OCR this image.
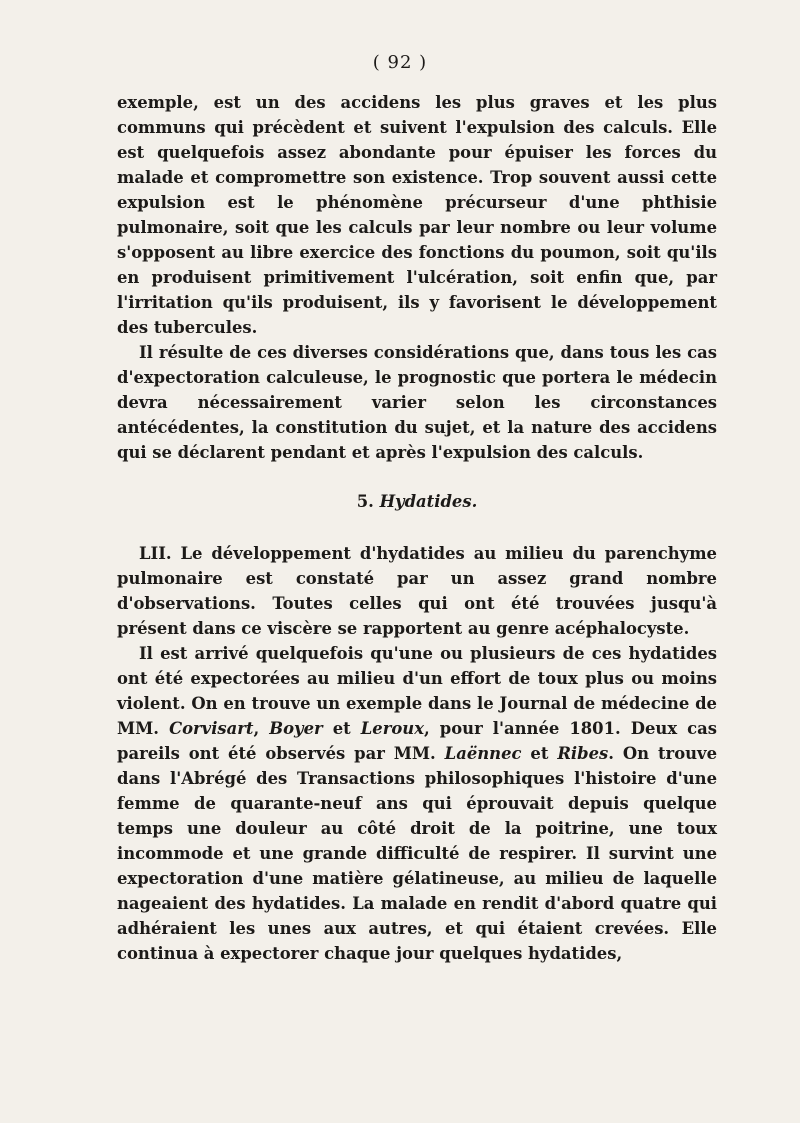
( 92 )

exemple, est un des accidens les plus graves et les plus communs qui précèdent et suivent l'expulsion des calculs. Elle est quelquefois assez abondante pour épuiser les forces du malade et compromettre son existence. Trop souvent aussi cette expulsion est le phénomène précurseur d'une phthisie pulmonaire, soit que les calculs par leur nombre ou leur volume s'opposent au libre exercice des fonctions du poumon, soit qu'ils en produisent primitivement l'ulcération, soit enfin que, par l'irritation qu'ils produisent, ils y favorisent le développement des tubercules.

Il résulte de ces diverses considérations que, dans tous les cas d'expectoration calculeuse, le prognostic que portera le médecin devra nécessairement varier selon les circonstances antécédentes, la constitution du sujet, et la nature des accidens qui se déclarent pendant et après l'expulsion des calculs.

5. Hydatides.

LII. Le développement d'hydatides au milieu du parenchyme pulmonaire est constaté par un assez grand nombre d'observations. Toutes celles qui ont été trouvées jusqu'à présent dans ce viscère se rapportent au genre acéphalocyste.

Il est arrivé quelquefois qu'une ou plusieurs de ces hydatides ont été expectorées au milieu d'un effort de toux plus ou moins violent. On en trouve un exemple dans le Journal de médecine de MM. Corvisart, Boyer et Leroux, pour l'année 1801. Deux cas pareils ont été observés par MM. Laënnec et Ribes. On trouve dans l'Abrégé des Transactions philosophiques l'histoire d'une femme de quarante-neuf ans qui éprouvait depuis quelque temps une douleur au côté droit de la poitrine, une toux incommode et une grande difficulté de respirer. Il survint une expectoration d'une matière gélatineuse, au milieu de laquelle nageaient des hydatides. La malade en rendit d'abord quatre qui adhéraient les unes aux autres, et qui étaient crevées. Elle continua à expectorer chaque jour quelques hydatides,
